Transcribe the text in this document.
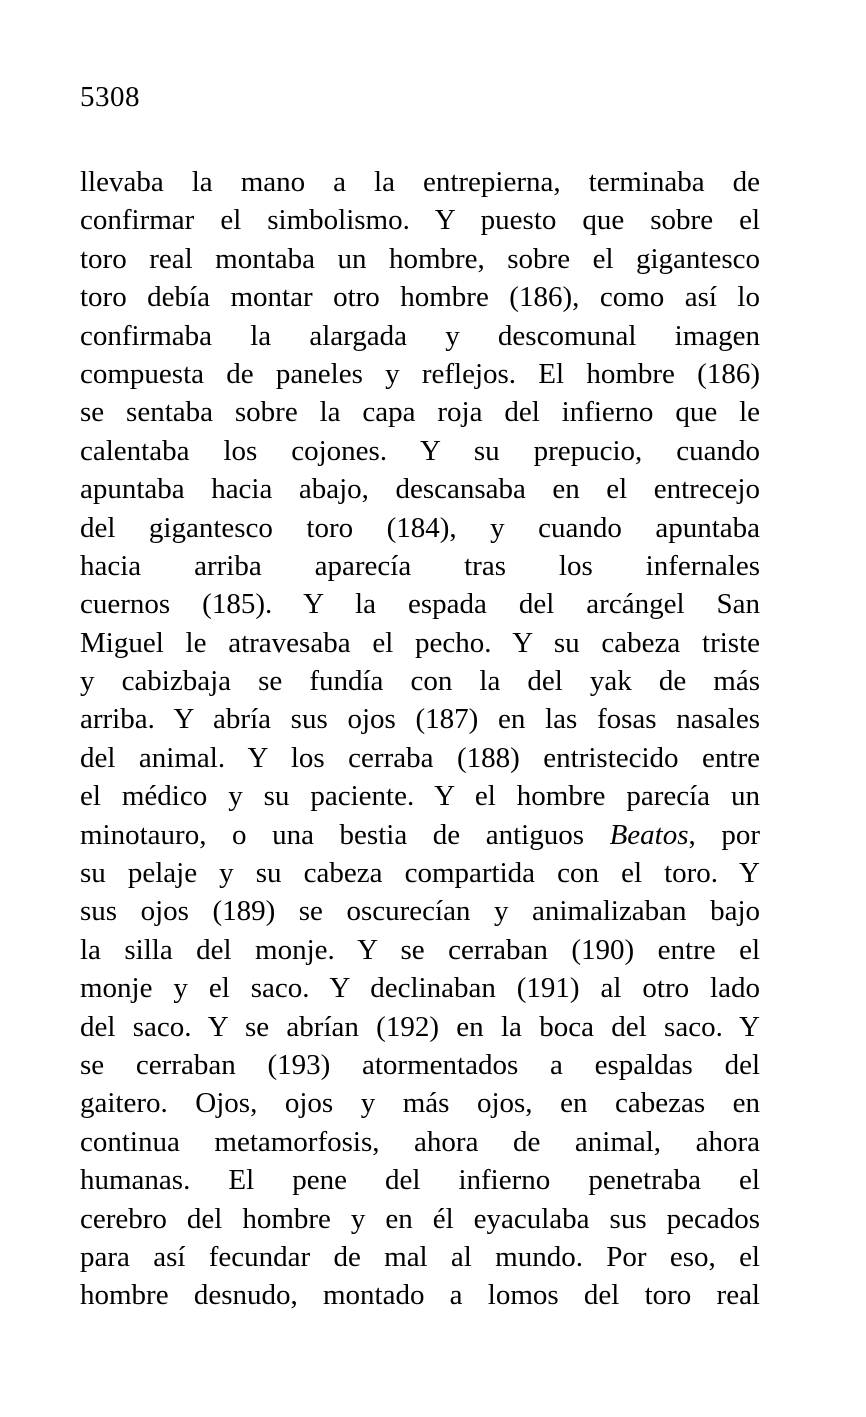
5308
llevaba la mano a la entrepierna, terminaba de
confirmar el simbolismo. Y puesto que sobre el
toro real montaba un hombre, sobre el gigantesco
toro debía montar otro hombre (186), como así lo
confirmaba la alargada y descomunal imagen
compuesta de paneles y reflejos. El hombre (186)
se sentaba sobre la capa roja del infierno que le
calentaba los cojones. Y su prepucio, cuando
apuntaba hacia abajo, descansaba en el entrecejo
del gigantesco toro (184), y cuando apuntaba
hacia arriba aparecía tras los infernales
cuernos (185). Y la espada del arcángel San
Miguel le atravesaba el pecho. Y su cabeza triste
y cabizbaja se fundía con la del yak de más
arriba. Y abría sus ojos (187) en las fosas nasales
del animal. Y los cerraba (188) entristecido entre
el médico y su paciente. Y el hombre parecía un
minotauro, o una bestia de antiguos Beatos, por
su pelaje y su cabeza compartida con el toro. Y
sus ojos (189) se oscurecían y animalizaban bajo
la silla del monje. Y se cerraban (190) entre el
monje y el saco. Y declinaban (191) al otro lado
del saco. Y se abrían (192) en la boca del saco. Y
se cerraban (193) atormentados a espaldas del
gaitero. Ojos, ojos y más ojos, en cabezas en
continua metamorfosis, ahora de animal, ahora
humanas. El pene del infierno penetraba el
cerebro del hombre y en él eyaculaba sus pecados
para así fecundar de mal al mundo. Por eso, el
hombre desnudo, montado a lomos del toro real
